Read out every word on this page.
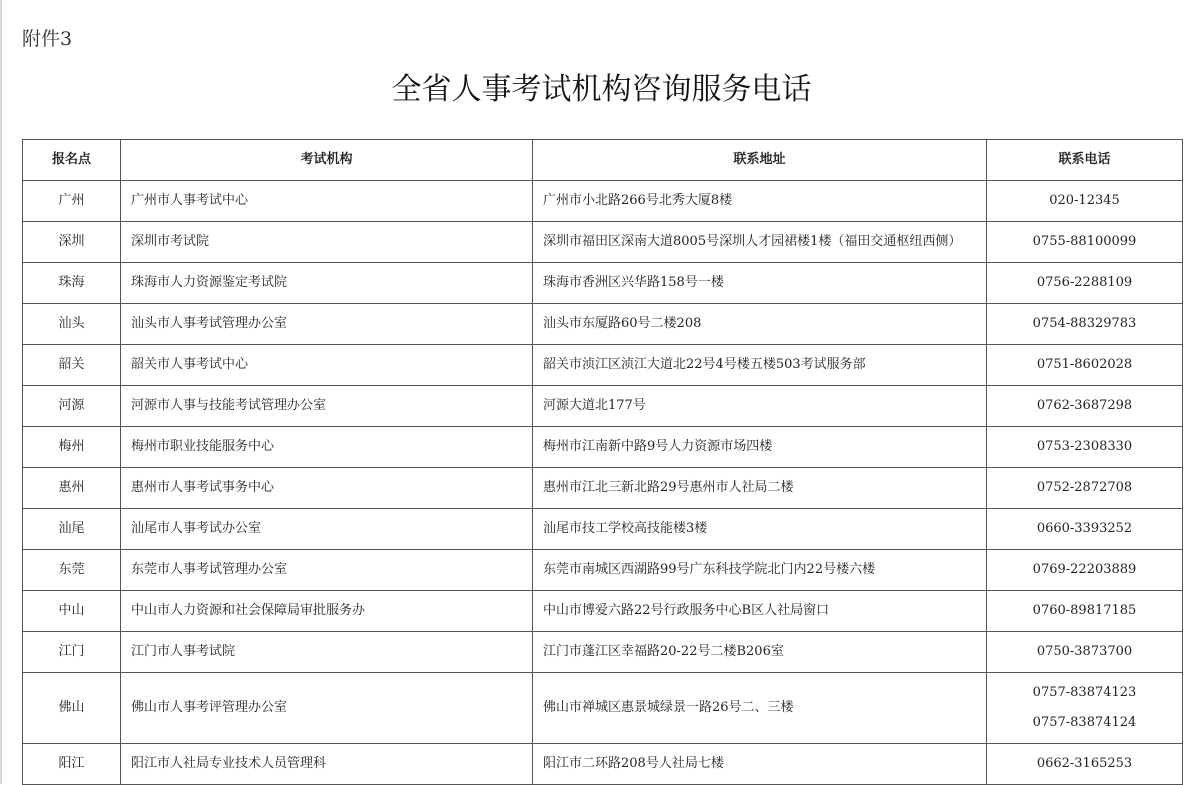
附件3
全省人事考试机构咨询服务电话
报名点	考试机构	联系地址	联系电话
广州	广州市人事考试中心	广州市小北路266号北秀大厦8楼	020-12345

深圳	深圳市考试院	深圳市福田区深南大道8005号深圳人才园裙楼1楼（福田交通枢纽西侧）	0755-88100099

珠海	珠海市人力资源鉴定考试院	珠海市香洲区兴华路158号一楼	0756-2288109

汕头	汕头市人事考试管理办公室	汕头市东厦路60号二楼208	0754-88329783

韶关	韶关市人事考试中心	韶关市浈江区浈江大道北22号4号楼五楼503考试服务部	0751-8602028

河源	河源市人事与技能考试管理办公室	河源大道北177号	0762-3687298

梅州	梅州市职业技能服务中心	梅州市江南新中路9号人力资源市场四楼	0753-2308330

惠州	惠州市人事考试事务中心	惠州市江北三新北路29号惠州市人社局二楼	0752-2872708

汕尾	汕尾市人事考试办公室	汕尾市技工学校高技能楼3楼	0660-3393252

东莞	东莞市人事考试管理办公室	东莞市南城区西湖路99号广东科技学院北门内22号楼六楼	0769-22203889

中山	中山市人力资源和社会保障局审批服务办	中山市博爱六路22号行政服务中心B区人社局窗口	0760-89817185

江门	江门市人事考试院	江门市蓬江区幸福路20-22号二楼B206室	0750-3873700

佛山	佛山市人事考评管理办公室	佛山市禅城区惠景城绿景一路26号二、三楼	0757-83874123
0757-83874124

阳江	阳江市人社局专业技术人员管理科	阳江市二环路208号人社局七楼	0662-3165253
